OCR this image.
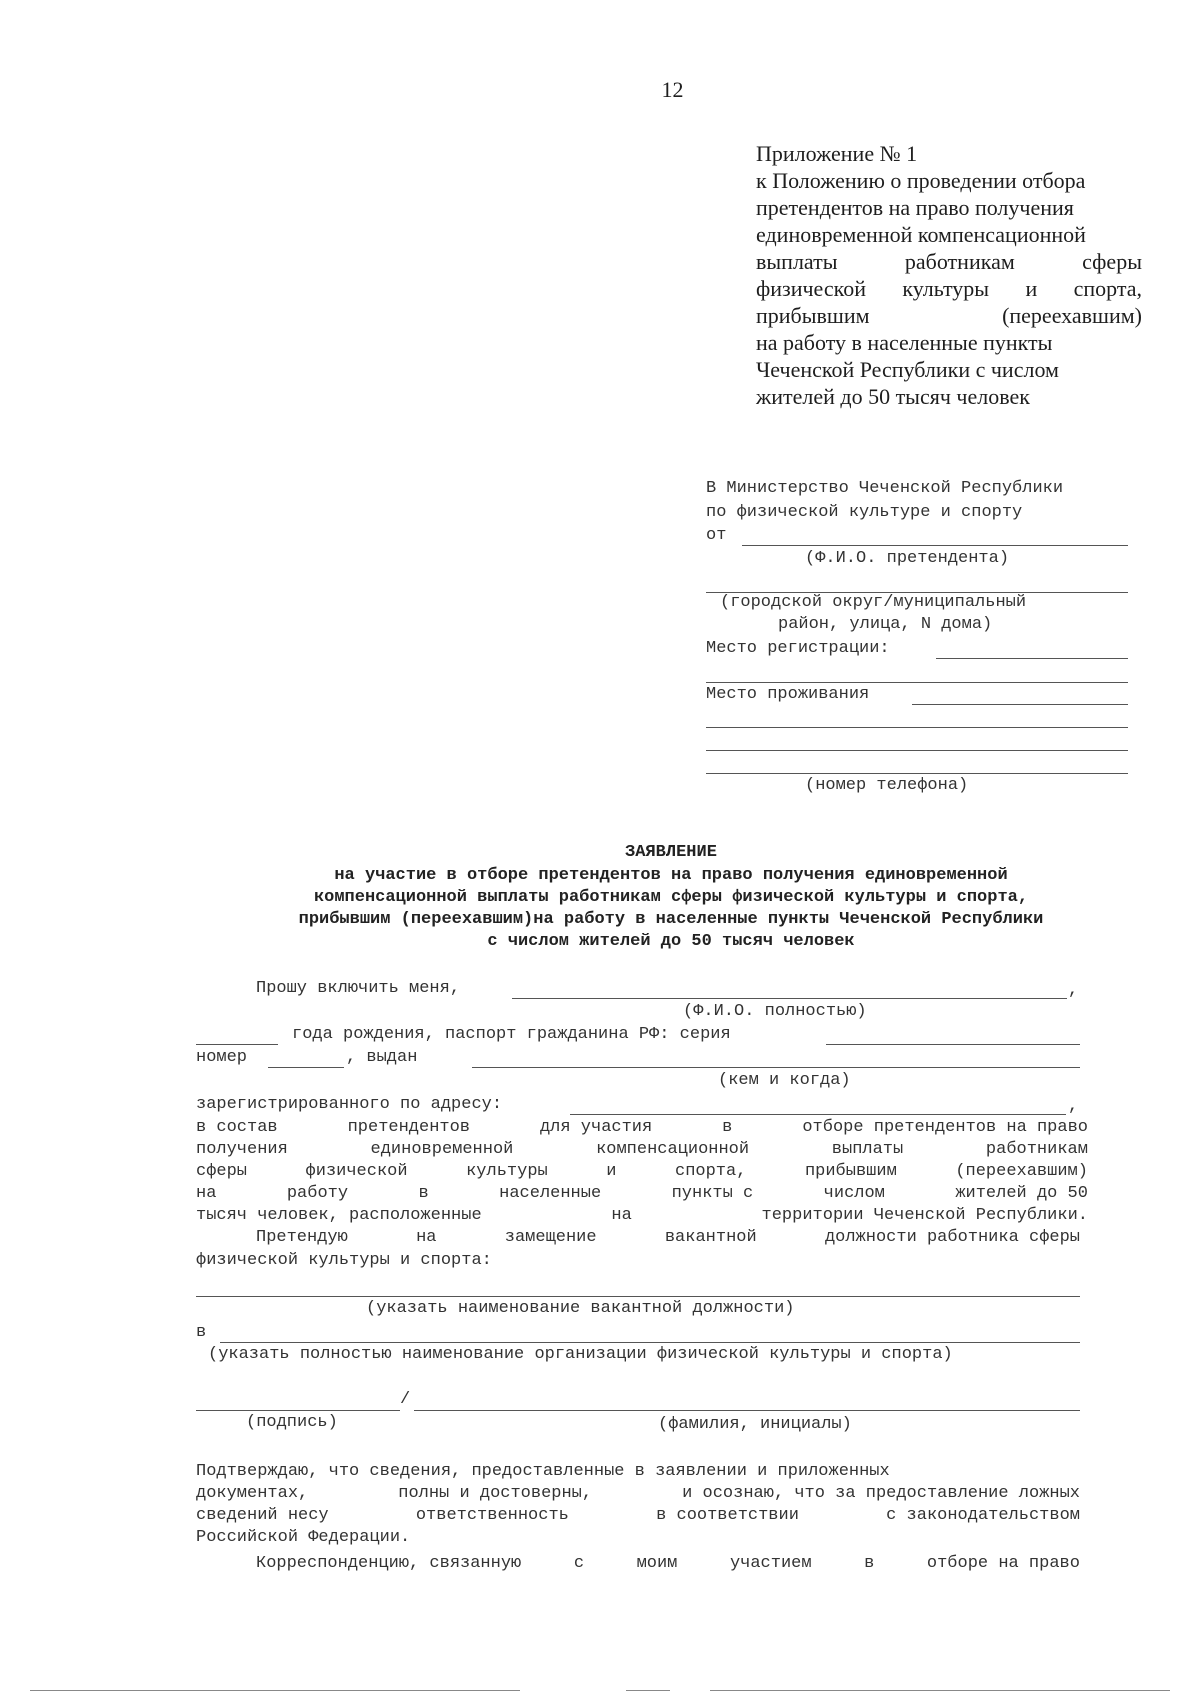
12
Приложение № 1
к Положению о проведении отбора
претендентов на право получения
единовременной компенсационной
выплаты	работникам	сферы
физической культуры и спорта,
прибывшим	(переехавшим)
на работу в населенные пункты
Чеченской Республики с числом
жителей до 50 тысяч человек
В Министерство Чеченской Республики
по физической культуре и спорту
от
(Ф.И.О. претендента)
(городской округ/муниципальный
район, улица, N дома)
Место регистрации:
Место проживания
(номер телефона)
ЗАЯВЛЕНИЕ
на участие в отборе претендентов на право получения единовременной
компенсационной выплаты работникам сферы физической культуры и спорта,
прибывшим (переехавшим)на работу в населенные пункты Чеченской Республики
с числом жителей до 50 тысяч человек
Прошу включить меня,	,
(Ф.И.О. полностью)
года рождения, паспорт гражданина РФ: серия
номер	, выдан
(кем и когда)
зарегистрированного по адресу:	,
в состав	претендентов	для участия	в	отборе претендентов на право
получения	единовременной	компенсационной	выплаты	работникам
сферы	физической	культуры	и	спорта,	прибывшим	(переехавшим)
на	работу	в	населенные	пункты с	числом	жителей до 50
тысяч человек, расположенные	на	территории Чеченской Республики.
Претендую	на	замещение	вакантной	должности работника сферы
физической культуры и спорта:
(указать наименование вакантной должности)
в
(указать полностью наименование организации физической культуры и спорта)
/
(подпись)	(фамилия, инициалы)
Подтверждаю, что сведения, предоставленные в заявлении и приложенных
документах,	полны и достоверны,	и осознаю, что за предоставление ложных
сведений несу	ответственность	в соответствии	с законодательством
Российской Федерации.
Корреспонденцию, связанную	с	моим	участием	в	отборе на право
